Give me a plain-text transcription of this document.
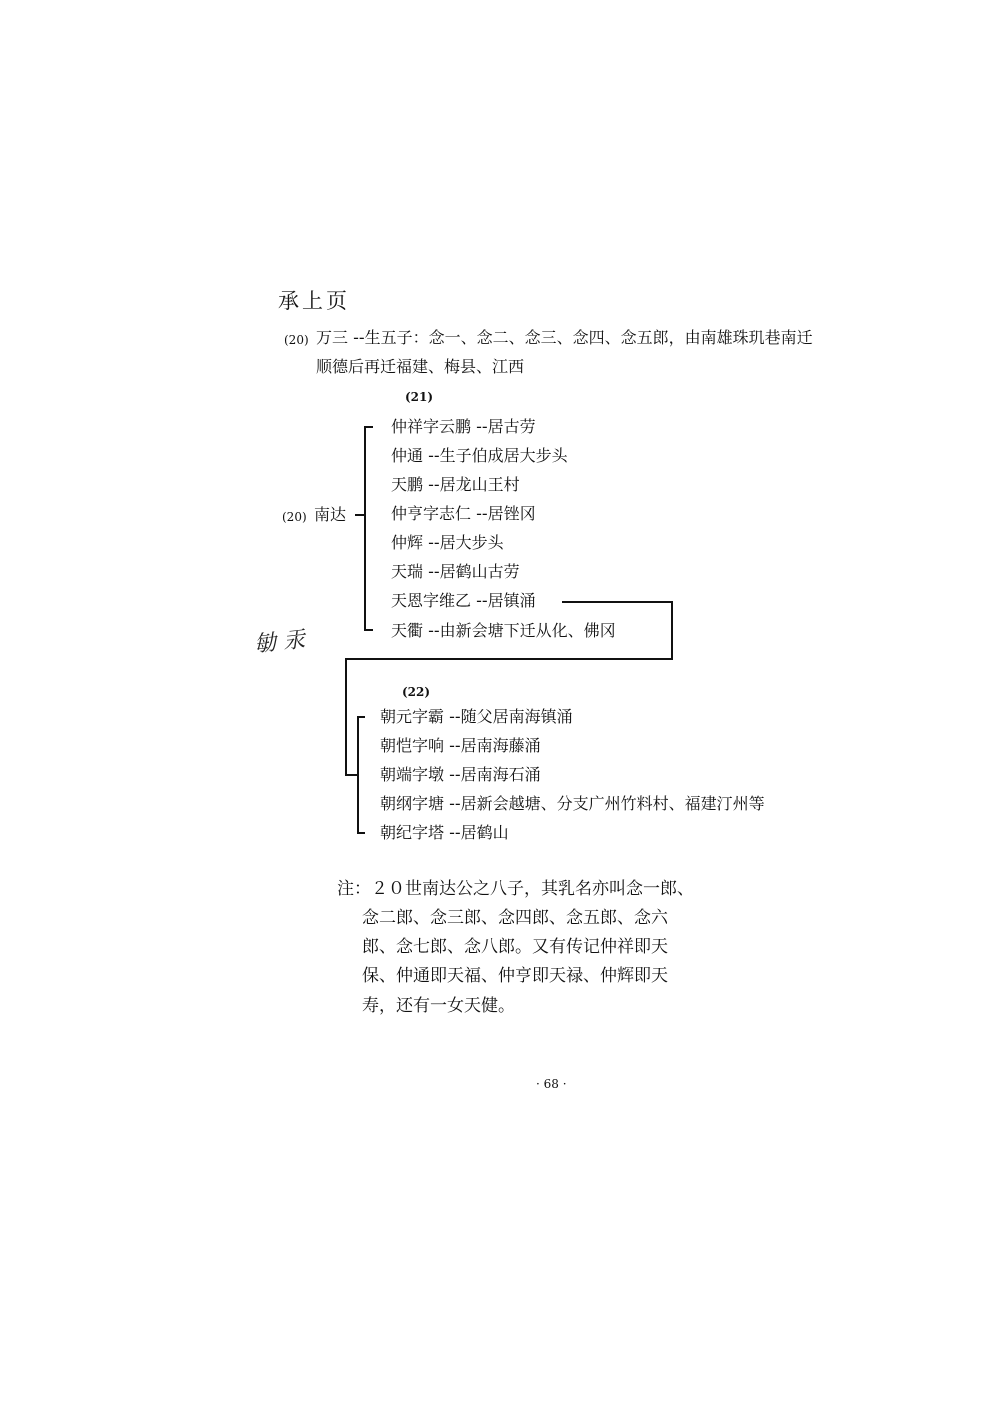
承上页
(20) 万三 --生五子：念一、念二、念三、念四、念五郎，由南雄珠玑巷南迁
顺德后再迁福建、梅县、江西
(21)
(20) 南达
仲祥字云鹏 --居古劳
仲通 --生子伯成居大步头
天鹏 --居龙山王村
仲亨字志仁 --居锉冈
仲辉 --居大步头
天瑞 --居鹤山古劳
天恩字维乙 --居镇涌
天衢 --由新会塘下迁从化、佛冈
勄 汞
(22)
朝元字霸 --随父居南海镇涌
朝恺字响 --居南海藤涌
朝端字墩 --居南海石涌
朝纲字塘 --居新会越塘、分支广州竹料村、福建汀州等
朝纪字塔 --居鹤山
注：２０世南达公之八子，其乳名亦叫念一郎、
念二郎、念三郎、念四郎、念五郎、念六
郎、念七郎、念八郎。又有传记仲祥即天
保、仲通即天福、仲亨即天禄、仲辉即天
寿，还有一女天健。
· 68 ·
